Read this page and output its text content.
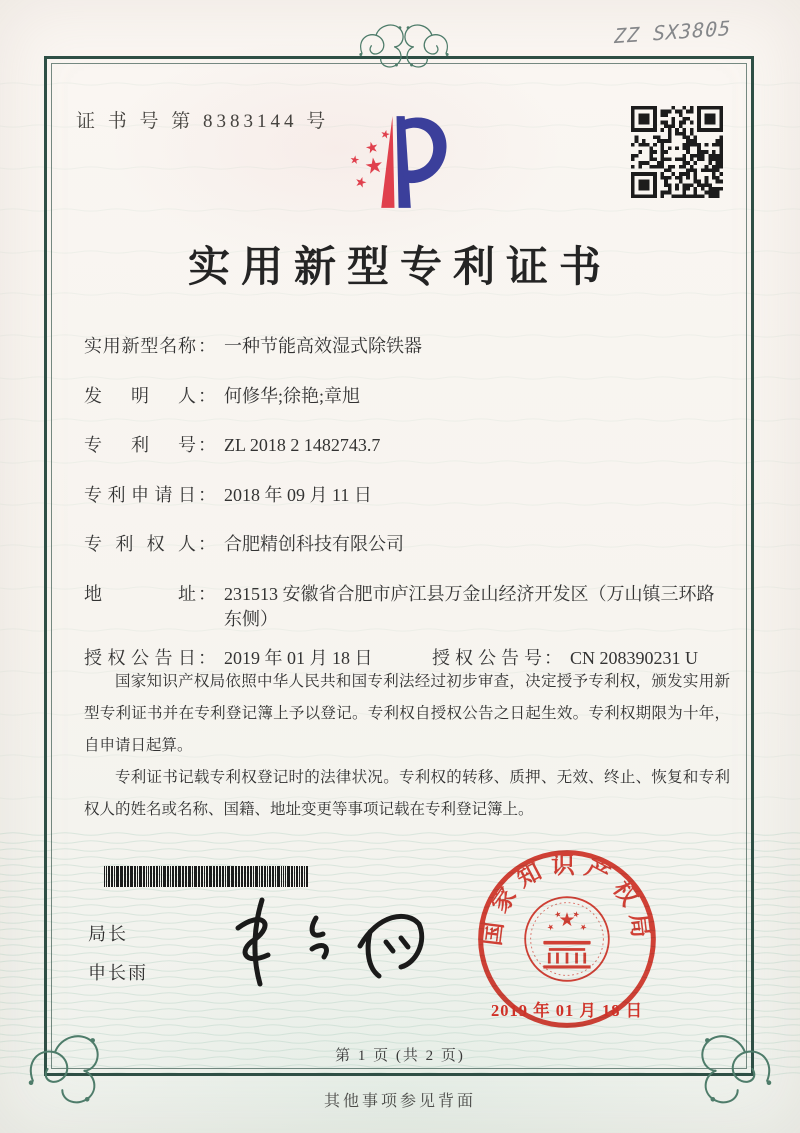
ZZ SX3805
证 书 号 第 8383144 号
实用新型专利证书
实用新型名称 ： 一种节能高效湿式除铁器
发明人 ： 何修华;徐艳;章旭
专利号 ： ZL 2018 2 1482743.7
专利申请日 ： 2018 年 09 月 11 日
专利权人 ： 合肥精创科技有限公司
地址 ： 231513 安徽省合肥市庐江县万金山经济开发区（万山镇三环路东侧）
授权公告日 ： 2019 年 01 月 18 日	授权公告号 ： CN 208390231 U

国家知识产权局依照中华人民共和国专利法经过初步审查，决定授予专利权，颁发实用新型专利证书并在专利登记簿上予以登记。专利权自授权公告之日起生效。专利权期限为十年，自申请日起算。

专利证书记载专利权登记时的法律状况。专利权的转移、质押、无效、终止、恢复和专利权人的姓名或名称、国籍、地址变更等事项记载在专利登记簿上。

局长
申长雨
国家知识产权局
2019 年 01 月 18 日
第 1 页 (共 2 页)
其他事项参见背面
